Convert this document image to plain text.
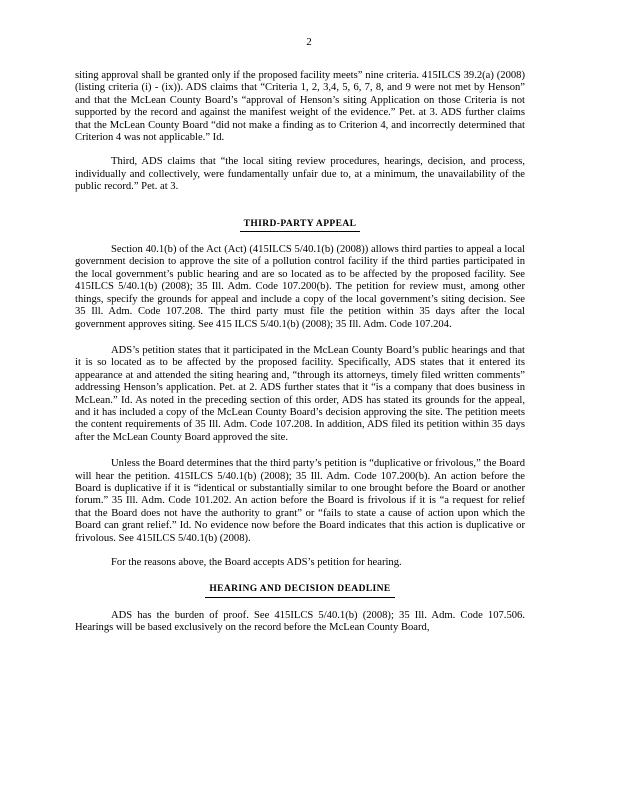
2

siting approval shall be granted only if the proposed facility meets” nine criteria. 415ILCS 39.2(a) (2008) (listing criteria (i) - (ix)). ADS claims that “Criteria 1, 2, 3,4, 5, 6, 7, 8, and 9 were not met by Henson” and that the McLean County Board’s “approval of Henson’s siting Application on those Criteria is not supported by the record and against the manifest weight of the evidence.” Pet. at 3. ADS further claims that the McLean County Board “did not make a finding as to Criterion 4, and incorrectly determined that Criterion 4 was not applicable.” Id.

Third, ADS claims that “the local siting review procedures, hearings, decision, and process, individually and collectively, were fundamentally unfair due to, at a minimum, the unavailability of the public record.” Pet. at 3.

THIRD-PARTY APPEAL

Section 40.1(b) of the Act (Act) (415ILCS 5/40.1(b) (2008)) allows third parties to appeal a local government decision to approve the site of a pollution control facility if the third parties participated in the local government’s public hearing and are so located as to be affected by the proposed facility. See 415ILCS 5/40.1(b) (2008); 35 Ill. Adm. Code 107.200(b). The petition for review must, among other things, specify the grounds for appeal and include a copy of the local government’s siting decision. See 35 Ill. Adm. Code 107.208. The third party must file the petition within 35 days after the local government approves siting. See 415 ILCS 5/40.1(b) (2008); 35 Ill. Adm. Code 107.204.

ADS’s petition states that it participated in the McLean County Board’s public hearings and that it is so located as to be affected by the proposed facility. Specifically, ADS states that it entered its appearance at and attended the siting hearing and, “through its attorneys, timely filed written comments” addressing Henson’s application. Pet. at 2. ADS further states that it “is a company that does business in McLean.” Id. As noted in the preceding section of this order, ADS has stated its grounds for the appeal, and it has included a copy of the McLean County Board’s decision approving the site. The petition meets the content requirements of 35 Ill. Adm. Code 107.208. In addition, ADS filed its petition within 35 days after the McLean County Board approved the site.

Unless the Board determines that the third party’s petition is “duplicative or frivolous,” the Board will hear the petition. 415ILCS 5/40.1(b) (2008); 35 Ill. Adm. Code 107.200(b). An action before the Board is duplicative if it is “identical or substantially similar to one brought before the Board or another forum.” 35 Ill. Adm. Code 101.202. An action before the Board is frivolous if it is “a request for relief that the Board does not have the authority to grant” or “fails to state a cause of action upon which the Board can grant relief.” Id. No evidence now before the Board indicates that this action is duplicative or frivolous. See 415ILCS 5/40.1(b) (2008).

For the reasons above, the Board accepts ADS’s petition for hearing.

HEARING AND DECISION DEADLINE

ADS has the burden of proof. See 415ILCS 5/40.1(b) (2008); 35 Ill. Adm. Code 107.506. Hearings will be based exclusively on the record before the McLean County Board,
